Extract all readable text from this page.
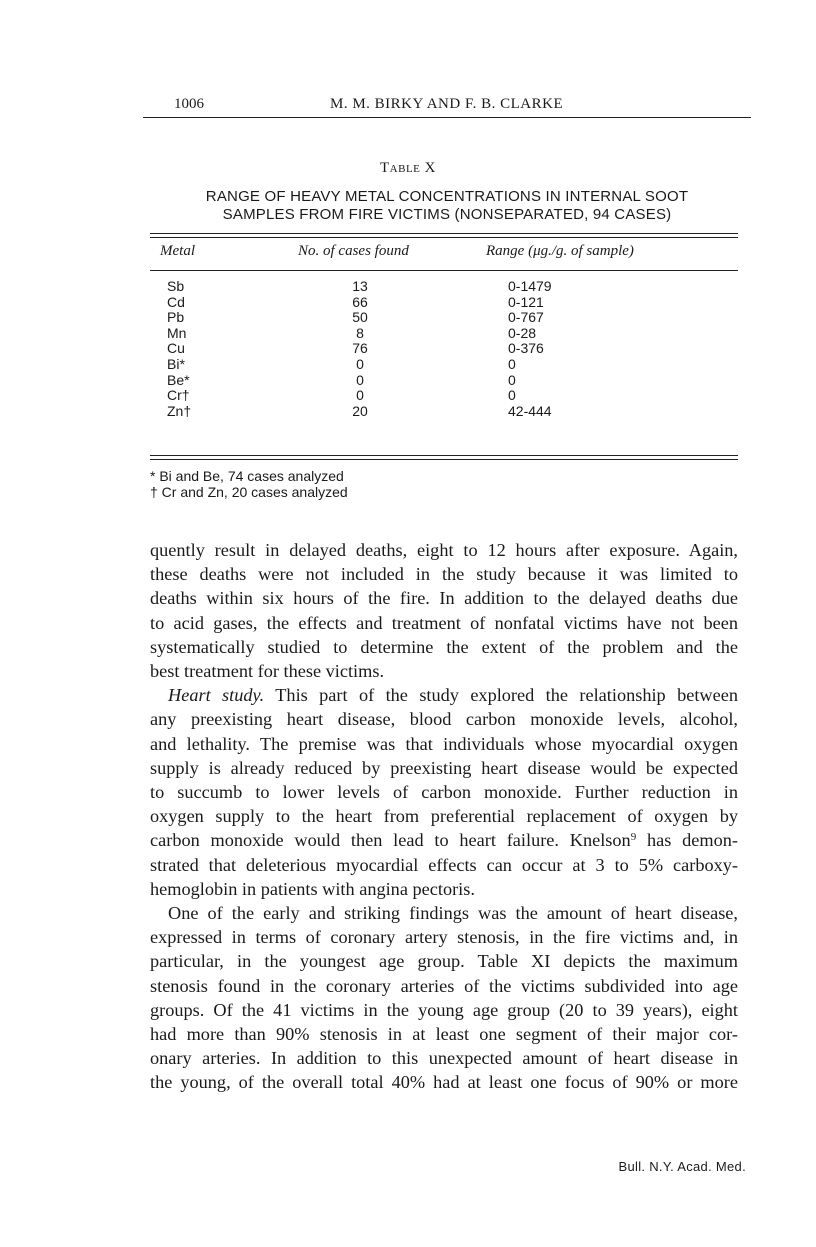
1006	M. M. BIRKY AND F. B. CLARKE
Table X
RANGE OF HEAVY METAL CONCENTRATIONS IN INTERNAL SOOT
SAMPLES FROM FIRE VICTIMS (NONSEPARATED, 94 CASES)
Metal	No. of cases found	Range (μg./g. of sample)
Sb	13	0-1479
Cd	66	0-121
Pb	50	0-767
Mn	8	0-28
Cu	76	0-376
Bi*	0	0
Be*	0	0
Cr†	0	0
Zn†	20	42-444
* Bi and Be, 74 cases analyzed
† Cr and Zn, 20 cases analyzed

quently result in delayed deaths, eight to 12 hours after exposure. Again,
these deaths were not included in the study because it was limited to
deaths within six hours of the fire. In addition to the delayed deaths due
to acid gases, the effects and treatment of nonfatal victims have not been
systematically studied to determine the extent of the problem and the
best treatment for these victims.

Heart study. This part of the study explored the relationship between
any preexisting heart disease, blood carbon monoxide levels, alcohol,
and lethality. The premise was that individuals whose myocardial oxygen
supply is already reduced by preexisting heart disease would be expected
to succumb to lower levels of carbon monoxide. Further reduction in
oxygen supply to the heart from preferential replacement of oxygen by
carbon monoxide would then lead to heart failure. Knelson$^9$ has demon-
strated that deleterious myocardial effects can occur at 3 to 5% carboxy-
hemoglobin in patients with angina pectoris.

One of the early and striking findings was the amount of heart disease,
expressed in terms of coronary artery stenosis, in the fire victims and, in
particular, in the youngest age group. Table XI depicts the maximum
stenosis found in the coronary arteries of the victims subdivided into age
groups. Of the 41 victims in the young age group (20 to 39 years), eight
had more than 90% stenosis in at least one segment of their major cor-
onary arteries. In addition to this unexpected amount of heart disease in
the young, of the overall total 40% had at least one focus of 90% or more

Bull. N.Y. Acad. Med.
